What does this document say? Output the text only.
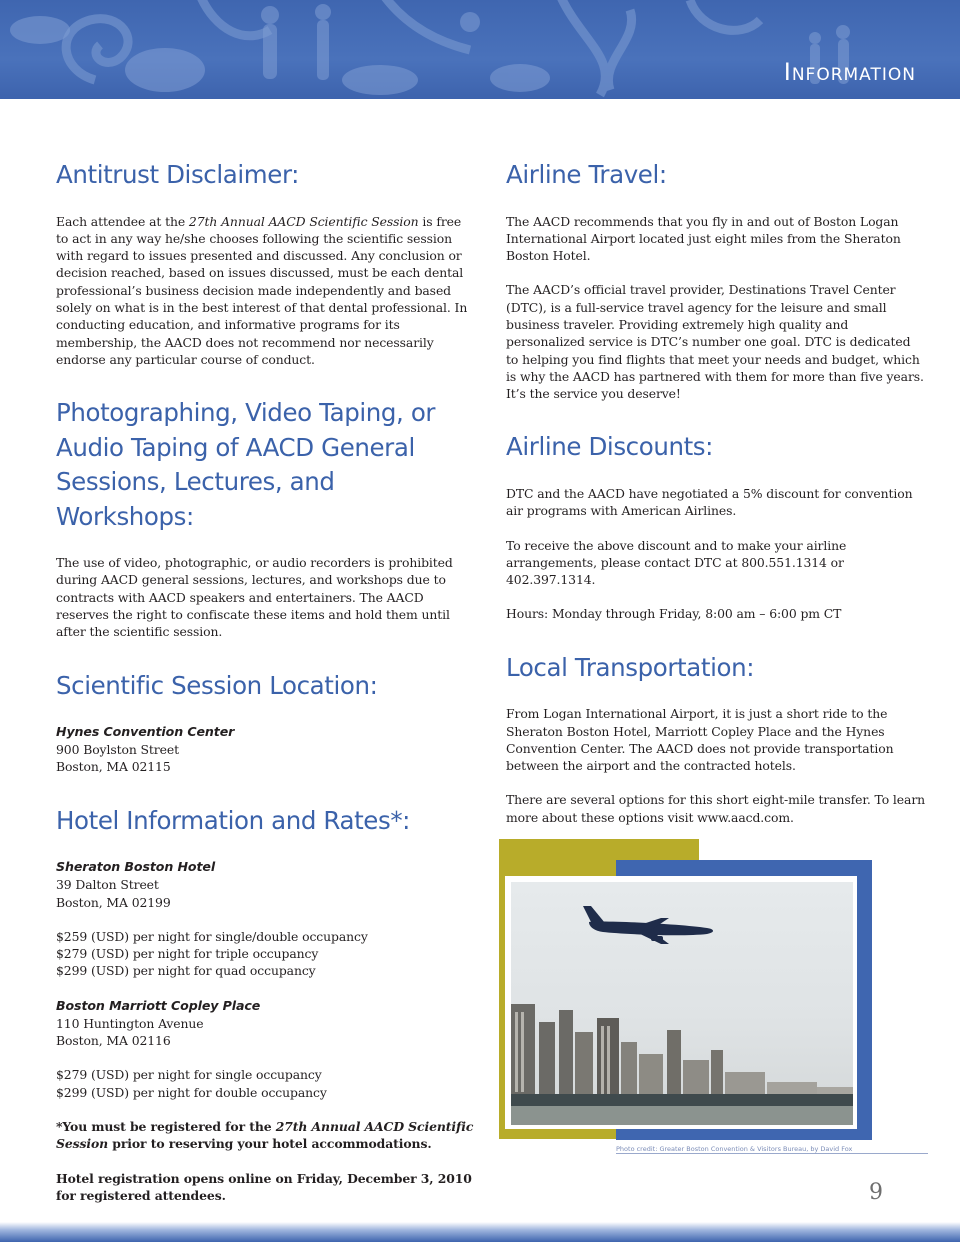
Information
Antitrust Disclaimer:

Each attendee at the 27th Annual AACD Scientific Session is free to act in any way he/she chooses following the scientific session with regard to issues presented and discussed. Any conclusion or decision reached, based on issues discussed, must be each dental professional’s business decision made independently and based solely on what is in the best interest of that dental professional. In conducting education, and informative programs for its membership, the AACD does not recommend nor necessarily endorse any particular course of conduct.

Photographing, Video Taping, or
Audio Taping of AACD General
Sessions, Lectures, and Workshops:

The use of video, photographic, or audio recorders is prohibited during AACD general sessions, lectures, and workshops due to contracts with AACD speakers and entertainers. The AACD reserves the right to confiscate these items and hold them until after the scientific session.

Scientific Session Location:

Hynes Convention Center
900 Boylston Street
Boston, MA 02115

Hotel Information and Rates*:

Sheraton Boston Hotel
39 Dalton Street
Boston, MA 02199

$259 (USD) per night for single/double occupancy
$279 (USD) per night for triple occupancy
$299 (USD) per night for quad occupancy

Boston Marriott Copley Place
110 Huntington Avenue
Boston, MA 02116

$279 (USD) per night for single occupancy
$299 (USD) per night for double occupancy

*You must be registered for the 27th Annual AACD Scientific Session prior to reserving your hotel accommodations.

Hotel registration opens online on Friday, December 3, 2010 for registered attendees.

Airline Travel:

The AACD recommends that you fly in and out of Boston Logan International Airport located just eight miles from the Sheraton Boston Hotel.

The AACD’s official travel provider, Destinations Travel Center (DTC), is a full-service travel agency for the leisure and small business traveler. Providing extremely high quality and personalized service is DTC’s number one goal. DTC is dedicated to helping you find flights that meet your needs and budget, which is why the AACD has partnered with them for more than five years. It’s the service you deserve!

Airline Discounts:

DTC and the AACD have negotiated a 5% discount for convention air programs with American Airlines.

To receive the above discount and to make your airline arrangements, please contact DTC at 800.551.1314 or 402.397.1314.

Hours: Monday through Friday, 8:00 am – 6:00 pm CT

Local Transportation:

From Logan International Airport, it is just a short ride to the Sheraton Boston Hotel, Marriott Copley Place and the Hynes Convention Center. The AACD does not provide transportation between the airport and the contracted hotels.

There are several options for this short eight-mile transfer. To learn more about these options visit www.aacd.com.

Photo credit: Greater Boston Convention & Visitors Bureau, by David Fox
9
